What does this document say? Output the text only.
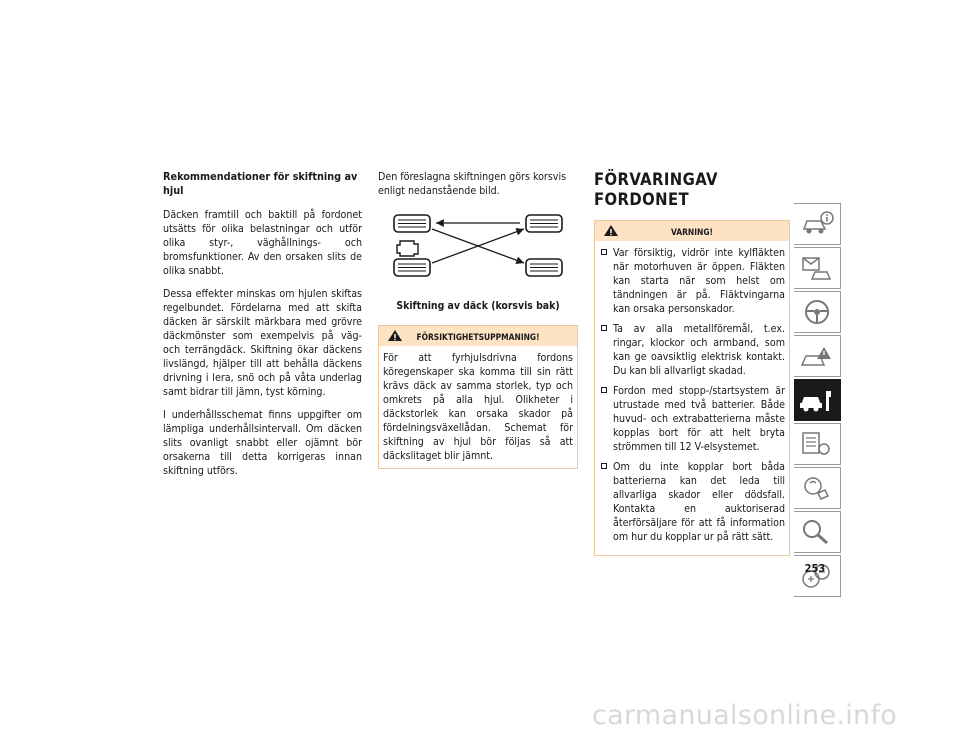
Rekommendationer för skiftning av hjul

Däcken framtill och baktill på fordonet utsätts för olika belastningar och utför olika styr-, väghållnings- och bromsfunktioner. Av den orsaken slits de olika snabbt.

Dessa effekter minskas om hjulen skiftas regelbundet. Fördelarna med att skifta däcken är särskilt märkbara med grövre däckmönster som exempelvis på väg- och terrängdäck. Skiftning ökar däckens livslängd, hjälper till att behålla däckens drivning i lera, snö och på våta underlag samt bidrar till jämn, tyst körning.

I underhållsschemat finns uppgifter om lämpliga underhållsintervall. Om däcken slits ovanligt snabbt eller ojämnt bör orsakerna till detta korrigeras innan skiftning utförs.

Den föreslagna skiftningen görs korsvis enligt nedanstående bild.

Skiftning av däck (korsvis bak)
FÖRSIKTIGHETSUPPMANING!

För att fyrhjulsdrivna fordons köregenskaper ska komma till sin rätt krävs däck av samma storlek, typ och omkrets på alla hjul. Olikheter i däckstorlek kan orsaka skador på fördelningsväxellådan. Schemat för skiftning av hjul bör följas så att däckslitaget blir jämnt.

FÖRVARINGAV FORDONET
VARNING!
Var försiktig, vidrör inte kylfläkten när motorhuven är öppen. Fläkten kan starta när som helst om tändningen är på. Fläktvingarna kan orsaka personskador.
Ta av alla metallföremål, t.ex. ringar, klockor och armband, som kan ge oavsiktlig elektrisk kontakt. Du kan bli allvarligt skadad.
Fordon med stopp-/startsystem är utrustade med två batterier. Både huvud- och extrabatterierna måste kopplas bort för att helt bryta strömmen till 12 V-elsystemet.
Om du inte kopplar bort båda batterierna kan det leda till allvarliga skador eller dödsfall. Kontakta en auktoriserad återförsäljare för att få information om hur du kopplar ur på rätt sätt.
253
carmanualsonline.info
